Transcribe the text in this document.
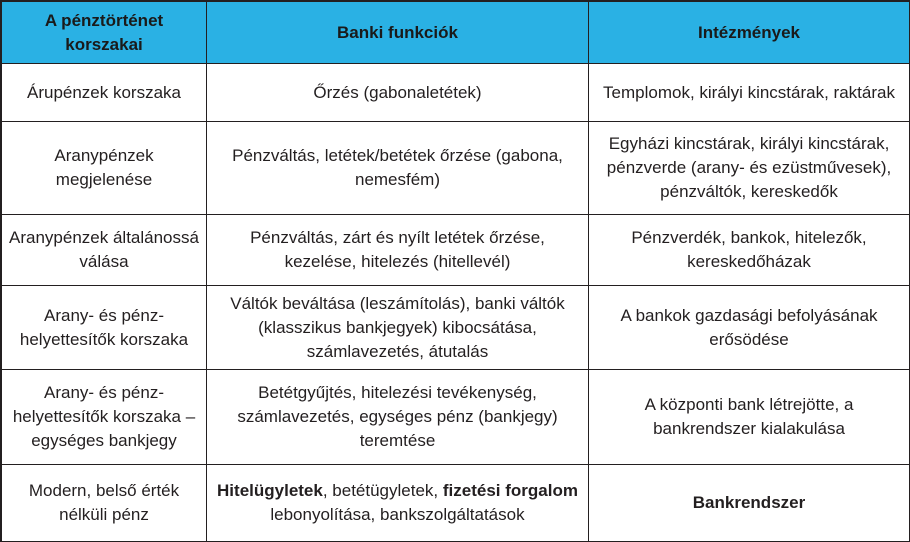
A pénztörténet korszakai	Banki funkciók	Intézmények
Árupénzek korszaka	Őrzés (gabonaletétek)	Templomok, királyi kincstárak, raktárak
Aranypénzek megjelenése	Pénzváltás, letétek/betétek őrzése (gabona, nemesfém)	Egyházi kincstárak, királyi kincstárak, pénzverde (arany- és ezüstművesek), pénzváltók, kereskedők
Aranypénzek általánossá válása	Pénzváltás, zárt és nyílt letétek őrzése, kezelése, hitelezés (hitellevél)	Pénzverdék, bankok, hitelezők, kereskedőházak
Arany- és pénz-helyettesítők korszaka	Váltók beváltása (leszámítolás), banki váltók (klasszikus bankjegyek) kibocsátása, számlavezetés, átutalás	A bankok gazdasági befolyásának erősödése
Arany- és pénz-helyettesítők korszaka – egységes bankjegy	Betétgyűjtés, hitelezési tevékenység, számlavezetés, egységes pénz (bankjegy) teremtése	A központi bank létrejötte, a bankrendszer kialakulása
Modern, belső érték nélküli pénz	Hitelügyletek, betétügyletek, fizetési forgalom lebonyolítása, bankszolgáltatások	Bankrendszer
